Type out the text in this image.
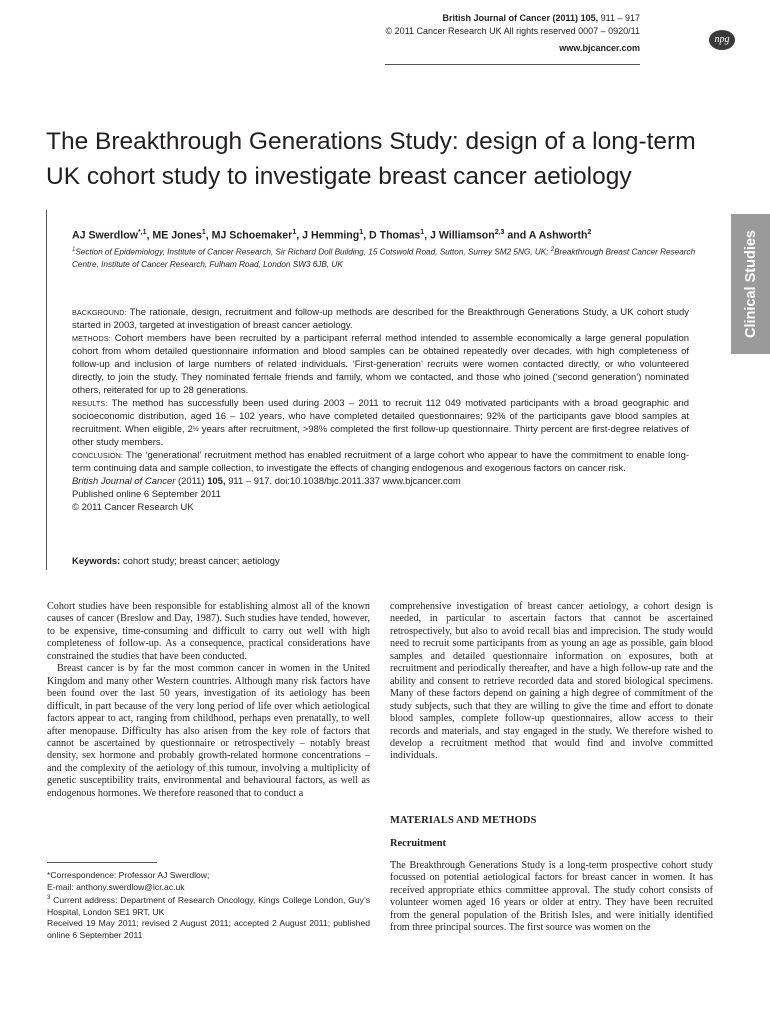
British Journal of Cancer (2011) 105, 911 – 917
© 2011 Cancer Research UK All rights reserved 0007 – 0920/11
www.bjcancer.com
npg
The Breakthrough Generations Study: design of a long-term UK cohort study to investigate breast cancer aetiology
Clinical Studies
AJ Swerdlow$^{*,1}$, ME Jones$^1$, MJ Schoemaker$^1$, J Hemming$^1$, D Thomas$^1$, J Williamson$^{2,3}$ and A Ashworth$^2$
$^1$Section of Epidemiology, Institute of Cancer Research, Sir Richard Doll Building, 15 Cotswold Road, Sutton, Surrey SM2 5NG, UK; $^2$Breakthrough Breast Cancer Research Centre, Institute of Cancer Research, Fulham Road, London SW3 6JB, UK

BACKGROUND: The rationale, design, recruitment and follow-up methods are described for the Breakthrough Generations Study, a UK cohort study started in 2003, targeted at investigation of breast cancer aetiology.

METHODS: Cohort members have been recruited by a participant referral method intended to assemble economically a large general population cohort from whom detailed questionnaire information and blood samples can be obtained repeatedly over decades, with high completeness of follow-up and inclusion of large numbers of related individuals. ‘First-generation’ recruits were women contacted directly, or who volunteered directly, to join the study. They nominated female friends and family, whom we contacted, and those who joined (‘second generation’) nominated others, reiterated for up to 28 generations.

RESULTS: The method has successfully been used during 2003 – 2011 to recruit 112 049 motivated participants with a broad geographic and socioeconomic distribution, aged 16 – 102 years, who have completed detailed questionnaires; 92% of the participants gave blood samples at recruitment. When eligible, 2½ years after recruitment, >98% completed the first follow-up questionnaire. Thirty percent are first-degree relatives of other study members.

CONCLUSION: The ‘generational’ recruitment method has enabled recruitment of a large cohort who appear to have the commitment to enable long-term continuing data and sample collection, to investigate the effects of changing endogenous and exogenous factors on cancer risk.

British Journal of Cancer (2011) 105, 911 – 917. doi:10.1038/bjc.2011.337 www.bjcancer.com

Published online 6 September 2011

© 2011 Cancer Research UK

Keywords: cohort study; breast cancer; aetiology

Cohort studies have been responsible for establishing almost all of the known causes of cancer (Breslow and Day, 1987). Such studies have tended, however, to be expensive, time-consuming and difficult to carry out well with high completeness of follow-up. As a consequence, practical considerations have constrained the studies that have been conducted.

Breast cancer is by far the most common cancer in women in the United Kingdom and many other Western countries. Although many risk factors have been found over the last 50 years, investigation of its aetiology has been difficult, in part because of the very long period of life over which aetiological factors appear to act, ranging from childhood, perhaps even prenatally, to well after menopause. Difficulty has also arisen from the key role of factors that cannot be ascertained by questionnaire or retrospectively – notably breast density, sex hormone and probably growth-related hormone concentrations – and the complexity of the aetiology of this tumour, involving a multiplicity of genetic susceptibility traits, environmental and behavioural factors, as well as endogenous hormones. We therefore reasoned that to conduct a

comprehensive investigation of breast cancer aetiology, a cohort design is needed, in particular to ascertain factors that cannot be ascertained retrospectively, but also to avoid recall bias and imprecision. The study would need to recruit some participants from as young an age as possible, gain blood samples and detailed questionnaire information on exposures, both at recruitment and periodically thereafter, and have a high follow-up rate and the ability and consent to retrieve recorded data and stored biological specimens. Many of these factors depend on gaining a high degree of commitment of the study subjects, such that they are willing to give the time and effort to donate blood samples, complete follow-up questionnaires, allow access to their records and materials, and stay engaged in the study. We therefore wished to develop a recruitment method that would find and involve committed individuals.

MATERIALS AND METHODS
Recruitment

The Breakthrough Generations Study is a long-term prospective cohort study focussed on potential aetiological factors for breast cancer in women. It has received appropriate ethics committee approval. The study cohort consists of volunteer women aged 16 years or older at entry. They have been recruited from the general population of the British Isles, and were initially identified from three principal sources. The first source was women on the

*Correspondence: Professor AJ Swerdlow;

E-mail: anthony.swerdlow@icr.ac.uk

$^3$ Current address: Department of Research Oncology, Kings College London, Guy’s Hospital, London SE1 9RT, UK

Received 19 May 2011; revised 2 August 2011; accepted 2 August 2011; published online 6 September 2011
